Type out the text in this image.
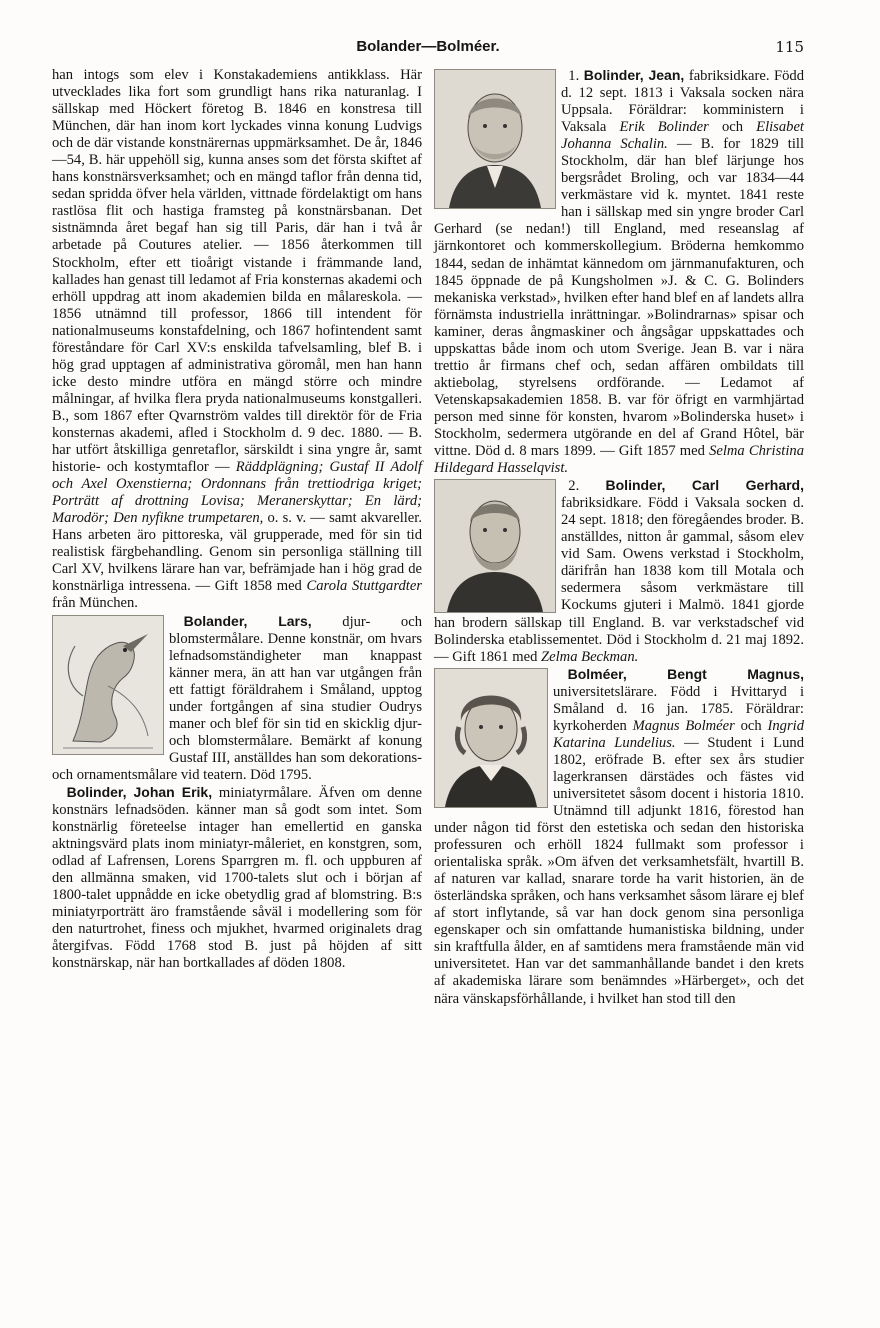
Bolander—Bolméer.	115

han intogs som elev i Konstakademiens antikklass. Här utvecklades lika fort som grundligt hans rika naturanlag. I sällskap med Höckert företog B. 1846 en konstresa till München, där han inom kort lyckades vinna konung Ludvigs och de där vistande konstnärernas uppmärksamhet. De år, 1846—54, B. här uppehöll sig, kunna anses som det första skiftet af hans konstnärsverksamhet; och en mängd taflor från denna tid, sedan spridda öfver hela världen, vittnade fördelaktigt om hans rastlösa flit och hastiga framsteg på konstnärsbanan. Det sistnämnda året begaf han sig till Paris, där han i två år arbetade på Coutures atelier. — 1856 återkommen till Stockholm, efter ett tioårigt vistande i främmande land, kallades han genast till ledamot af Fria konsternas akademi och erhöll uppdrag att inom akademien bilda en målareskola. — 1856 utnämnd till professor, 1866 till intendent för nationalmuseums konstafdelning, och 1867 hofintendent samt föreståndare för Carl XV:s enskilda tafvelsamling, blef B. i hög grad upptagen af administrativa göromål, men han hann icke desto mindre utföra en mängd större och mindre målningar, af hvilka flera pryda nationalmuseums konstgalleri. B., som 1867 efter Qvarnström valdes till direktör för de Fria konsternas akademi, afled i Stockholm d. 9 dec. 1880. — B. har utfört åtskilliga genretaflor, särskildt i sina yngre år, samt historie- och kostymtaflor — Räddplägning; Gustaf II Adolf och Axel Oxenstierna; Ordonnans från trettiodriga kriget; Porträtt af drottning Lovisa; Meranerskyttar; En lärd; Marodör; Den nyfikne trumpetaren, o. s. v. — samt akvareller. Hans arbeten äro pittoreska, väl grupperade, med för sin tid realistisk färgbehandling. Genom sin personliga ställning till Carl XV, hvilkens lärare han var, befrämjade han i hög grad de konstnärliga intressena. — Gift 1858 med Carola Stuttgardter från München.

 Bolander, Lars, djur- och blomstermålare. Denne konstnär, om hvars lefnadsomständigheter man knappast känner mera, än att han var utgången från ett fattigt föräldrahem i Småland, upptog under fortgången af sina studier Oudrys maner och blef för sin tid en skicklig djur- och blomstermålare. Bemärkt af konung Gustaf III, anställdes han som dekorations- och ornamentsmålare vid teatern. Död 1795.

 Bolinder, Johan Erik, miniatyrmålare. Äfven om denne konstnärs lefnadsöden. känner man så godt som intet. Som konstnärlig företeelse intager han emellertid en ganska aktningsvärd plats inom miniatyr-måleriet, en konstgren, som, odlad af Lafrensen, Lorens Sparrgren m. fl. och uppburen af den allmänna smaken, vid 1700-talets slut och i början af 1800-talet uppnådde en icke obetydlig grad af blomstring. B:s miniatyrporträtt äro framstående såväl i modellering som för den naturtrohet, finess och mjukhet, hvarmed originalets drag återgifvas. Född 1768 stod B. just på höjden af sitt konstnärskap, när han bortkallades af döden 1808.

 1. Bolinder, Jean, fabriksidkare. Född d. 12 sept. 1813 i Vaksala socken nära Uppsala. Föräldrar: komministern i Vaksala Erik Bolinder och Elisabet Johanna Schalin. — B. for 1829 till Stockholm, där han blef lärjunge hos bergsrådet Broling, och var 1834—44 verkmästare vid k. myntet. 1841 reste han i sällskap med sin yngre broder Carl Gerhard (se nedan!) till England, med reseanslag af järnkontoret och kommerskollegium. Bröderna hemkommo 1844, sedan de inhämtat kännedom om järnmanufakturen, och 1845 öppnade de på Kungsholmen »J. & C. G. Bolinders mekaniska verkstad», hvilken efter hand blef en af landets allra förnämsta industriella inrättningar. »Bolindrarnas» spisar och kaminer, deras ångmaskiner och ångsågar uppskattades och uppskattas både inom och utom Sverige. Jean B. var i nära trettio år firmans chef och, sedan affären ombildats till aktiebolag, styrelsens ordförande. — Ledamot af Vetenskapsakademien 1858. B. var för öfrigt en varmhjärtad person med sinne för konsten, hvarom »Bolinderska huset» i Stockholm, sedermera utgörande en del af Grand Hôtel, bär vittne. Död d. 8 mars 1899. — Gift 1857 med Selma Christina Hildegard Hasselqvist.

 2. Bolinder, Carl Gerhard,
fabriksidkare. Född i Vaksala socken d. 24 sept. 1818; den föregåendes broder. B. anställdes, nitton år gammal, såsom elev vid Sam. Owens verkstad i Stockholm, därifrån han 1838 kom till Motala och sedermera såsom verkmästare till Kockums gjuteri i Malmö. 1841 gjorde han brodern sällskap till England. B. var verkstadschef vid Bolinderska etablissementet. Död i Stockholm d. 21 maj 1892. — Gift 1861 med Zelma Beckman.

 Bolméer, Bengt Magnus,
universitetslärare. Född i Hvittaryd i Småland d. 16 jan. 1785. Föräldrar: kyrkoherden Magnus Bolméer och Ingrid Katarina Lundelius. — Student i Lund 1802, eröfrade B. efter sex års studier lagerkransen därstädes och fästes vid universitetet såsom docent i historia 1810. Utnämnd till adjunkt 1816, förestod han under någon tid först den estetiska och sedan den historiska professuren och erhöll 1824 fullmakt som professor i orientaliska språk. »Om äfven det verksamhetsfält, hvartill B. af naturen var kallad, snarare torde ha varit historien, än de österländska språken, och hans verksamhet såsom lärare ej blef af stort inflytande, så var han dock genom sina personliga egenskaper och sin omfattande humanistiska bildning, under sin kraftfulla ålder, en af samtidens mera framstående män vid universitetet. Han var det sammanhållande bandet i den krets af akademiska lärare som benämndes »Härberget», och det nära vänskapsförhållande, i hvilket han stod till den
